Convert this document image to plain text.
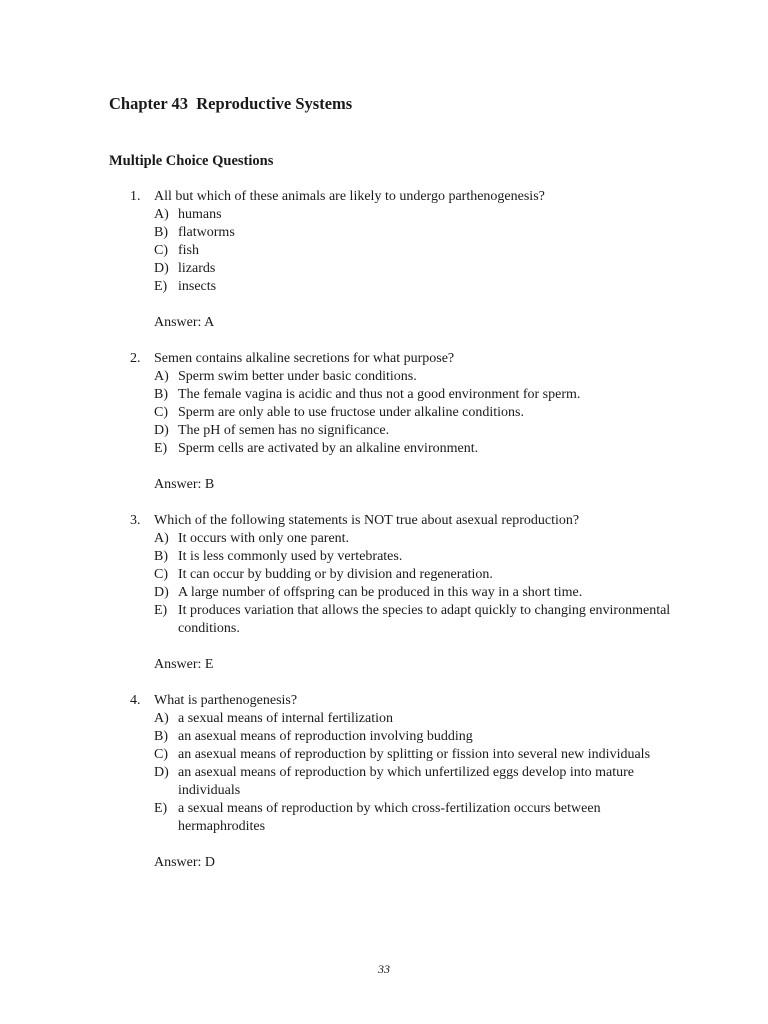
Chapter 43  Reproductive Systems
Multiple Choice Questions
1. All but which of these animals are likely to undergo parthenogenesis?
A) humans
B) flatworms
C) fish
D) lizards
E) insects
Answer: A
2. Semen contains alkaline secretions for what purpose?
A) Sperm swim better under basic conditions.
B) The female vagina is acidic and thus not a good environment for sperm.
C) Sperm are only able to use fructose under alkaline conditions.
D) The pH of semen has no significance.
E) Sperm cells are activated by an alkaline environment.
Answer: B
3. Which of the following statements is NOT true about asexual reproduction?
A) It occurs with only one parent.
B) It is less commonly used by vertebrates.
C) It can occur by budding or by division and regeneration.
D) A large number of offspring can be produced in this way in a short time.
E) It produces variation that allows the species to adapt quickly to changing environmental conditions.
Answer: E
4. What is parthenogenesis?
A) a sexual means of internal fertilization
B) an asexual means of reproduction involving budding
C) an asexual means of reproduction by splitting or fission into several new individuals
D) an asexual means of reproduction by which unfertilized eggs develop into mature individuals
E) a sexual means of reproduction by which cross-fertilization occurs between hermaphrodites
Answer: D
33
